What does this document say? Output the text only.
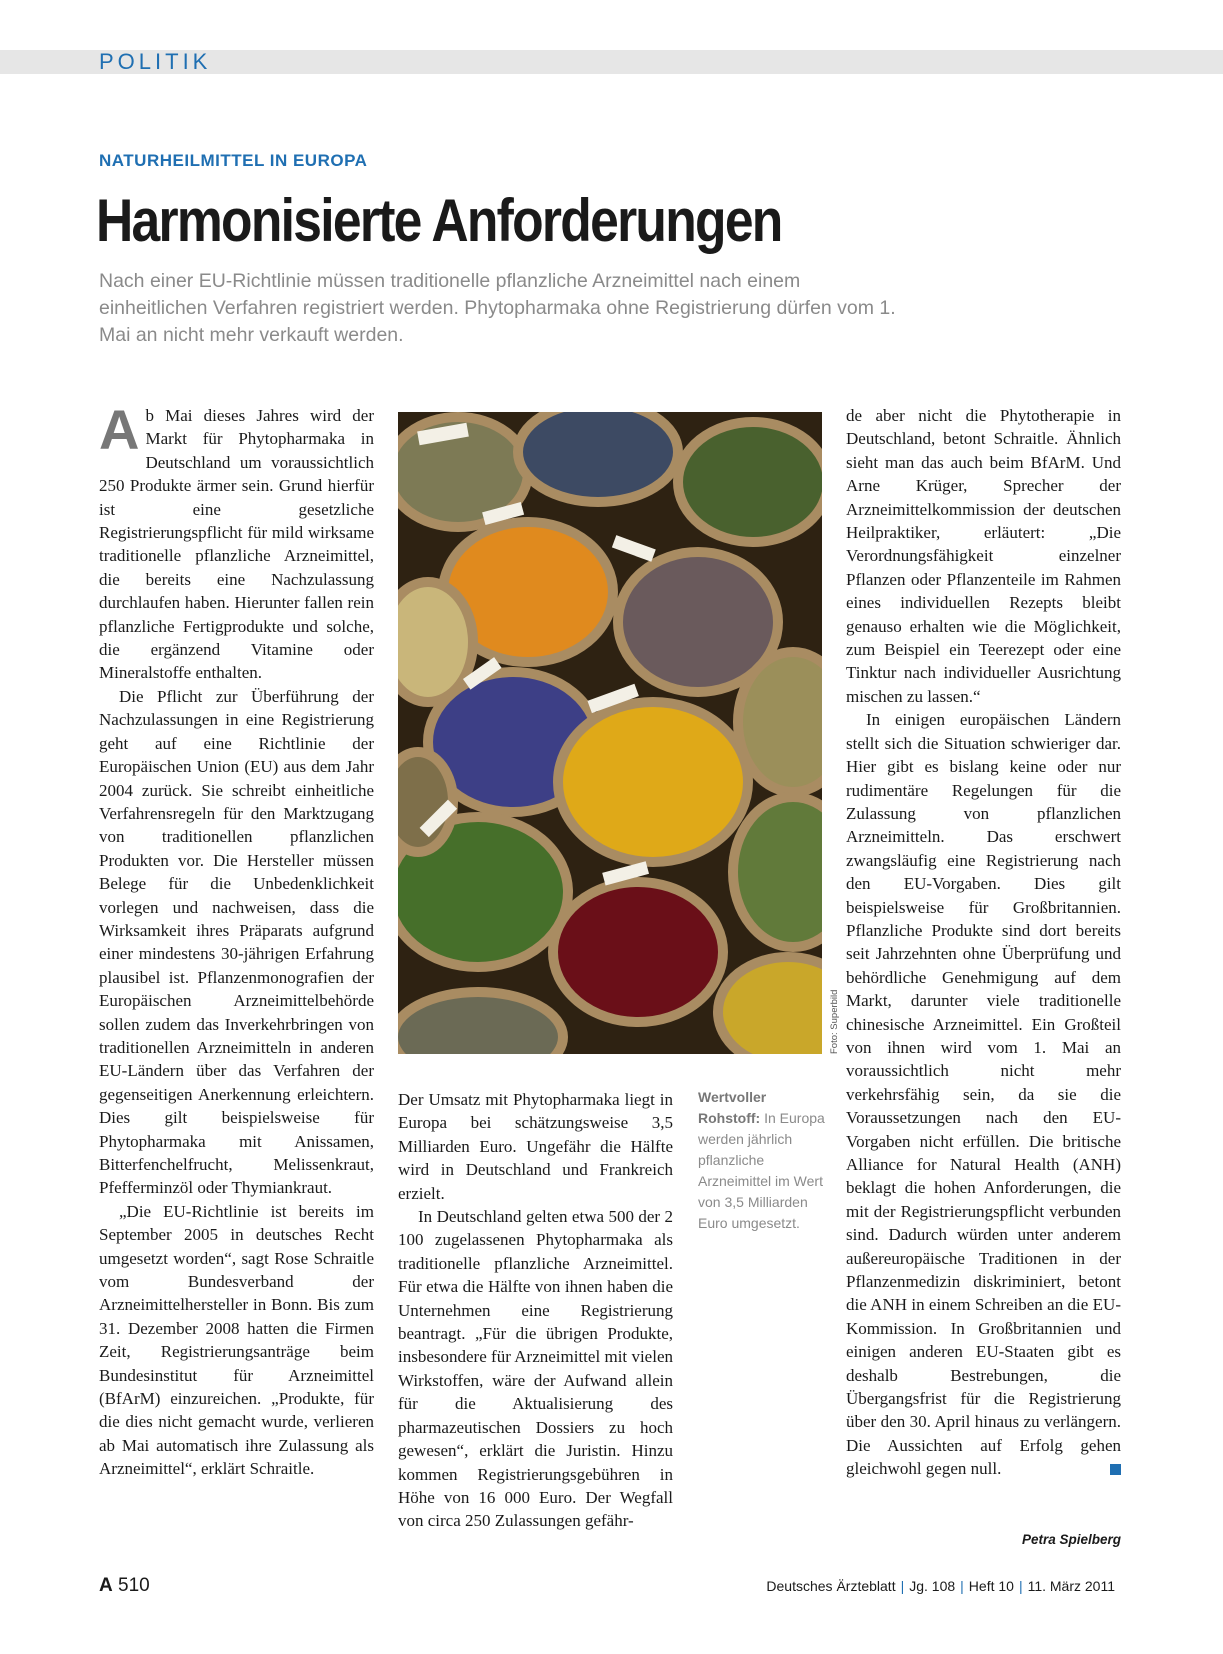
POLITIK
NATURHEILMITTEL IN EUROPA
Harmonisierte Anforderungen
Nach einer EU-Richtlinie müssen traditionelle pflanzliche Arzneimittel nach einem einheitlichen Verfahren registriert werden. Phytopharmaka ohne Registrierung dürfen vom 1. Mai an nicht mehr verkauft werden.

Ab Mai dieses Jahres wird der Markt für Phytopharmaka in Deutschland um voraussichtlich 250 Produkte ärmer sein. Grund hierfür ist eine gesetzliche Registrierungspflicht für mild wirksame traditionelle pflanzliche Arzneimittel, die bereits eine Nachzulassung durchlaufen haben. Hierunter fallen rein pflanzliche Fertigprodukte und solche, die ergänzend Vitamine oder Mineralstoffe enthalten.

Die Pflicht zur Überführung der Nachzulassungen in eine Registrierung geht auf eine Richtlinie der Europäischen Union (EU) aus dem Jahr 2004 zurück. Sie schreibt einheitliche Verfahrensregeln für den Marktzugang von traditionellen pflanzlichen Produkten vor. Die Hersteller müssen Belege für die Unbedenklichkeit vorlegen und nachweisen, dass die Wirksamkeit ihres Präparats aufgrund einer mindestens 30-jährigen Erfahrung plausibel ist. Pflanzenmonografien der Europäischen Arzneimittelbehörde sollen zudem das Inverkehrbringen von traditionellen Arzneimitteln in anderen EU-Ländern über das Verfahren der gegenseitigen Anerkennung erleichtern. Dies gilt beispielsweise für Phytopharmaka mit Anissamen, Bitterfenchelfrucht, Melissenkraut, Pfefferminzöl oder Thymiankraut.

„Die EU-Richtlinie ist bereits im September 2005 in deutsches Recht umgesetzt worden“, sagt Rose Schraitle vom Bundesverband der Arzneimittelhersteller in Bonn. Bis zum 31. Dezember 2008 hatten die Firmen Zeit, Registrierungsanträge beim Bundesinstitut für Arzneimittel (BfArM) einzureichen. „Produkte, für die dies nicht gemacht wurde, verlieren ab Mai automatisch ihre Zulassung als Arzneimittel“, erklärt Schraitle.

Foto: Superbild
Wertvoller Rohstoff: In Europa werden jährlich pflanzliche Arzneimittel im Wert von 3,5 Milliarden Euro umgesetzt.

Der Umsatz mit Phytopharmaka liegt in Europa bei schätzungsweise 3,5 Milliarden Euro. Ungefähr die Hälfte wird in Deutschland und Frankreich erzielt.

In Deutschland gelten etwa 500 der 2 100 zugelassenen Phytopharmaka als traditionelle pflanzliche Arzneimittel. Für etwa die Hälfte von ihnen haben die Unternehmen eine Registrierung beantragt. „Für die übrigen Produkte, insbesondere für Arzneimittel mit vielen Wirkstoffen, wäre der Aufwand allein für die Aktualisierung des pharmazeutischen Dossiers zu hoch gewesen“, erklärt die Juristin. Hinzu kommen Registrierungsgebühren in Höhe von 16 000 Euro. Der Wegfall von circa 250 Zulassungen gefähr-

de aber nicht die Phytotherapie in Deutschland, betont Schraitle. Ähnlich sieht man das auch beim BfArM. Und Arne Krüger, Sprecher der Arzneimittelkommission der deutschen Heilpraktiker, erläutert: „Die Verordnungsfähigkeit einzelner Pflanzen oder Pflanzenteile im Rahmen eines individuellen Rezepts bleibt genauso erhalten wie die Möglichkeit, zum Beispiel ein Teerezept oder eine Tinktur nach individueller Ausrichtung mischen zu lassen.“

In einigen europäischen Ländern stellt sich die Situation schwieriger dar. Hier gibt es bislang keine oder nur rudimentäre Regelungen für die Zulassung von pflanzlichen Arzneimitteln. Das erschwert zwangsläufig eine Registrierung nach den EU-Vorgaben. Dies gilt beispielsweise für Großbritannien. Pflanzliche Produkte sind dort bereits seit Jahrzehnten ohne Überprüfung und behördliche Genehmigung auf dem Markt, darunter viele traditionelle chinesische Arzneimittel. Ein Großteil von ihnen wird vom 1. Mai an voraussichtlich nicht mehr verkehrsfähig sein, da sie die Voraussetzungen nach den EU-Vorgaben nicht erfüllen. Die britische Alliance for Natural Health (ANH) beklagt die hohen Anforderungen, die mit der Registrierungspflicht verbunden sind. Dadurch würden unter anderem außereuropäische Traditionen in der Pflanzenmedizin diskriminiert, betont die ANH in einem Schreiben an die EU-Kommission. In Großbritannien und einigen anderen EU-Staaten gibt es deshalb Bestrebungen, die Übergangsfrist für die Registrierung über den 30. April hinaus zu verlängern. Die Aussichten auf Erfolg gehen gleichwohl gegen null.

Petra Spielberg
A 510	Deutsches Ärzteblatt | Jg. 108 | Heft 10 | 11. März 2011
